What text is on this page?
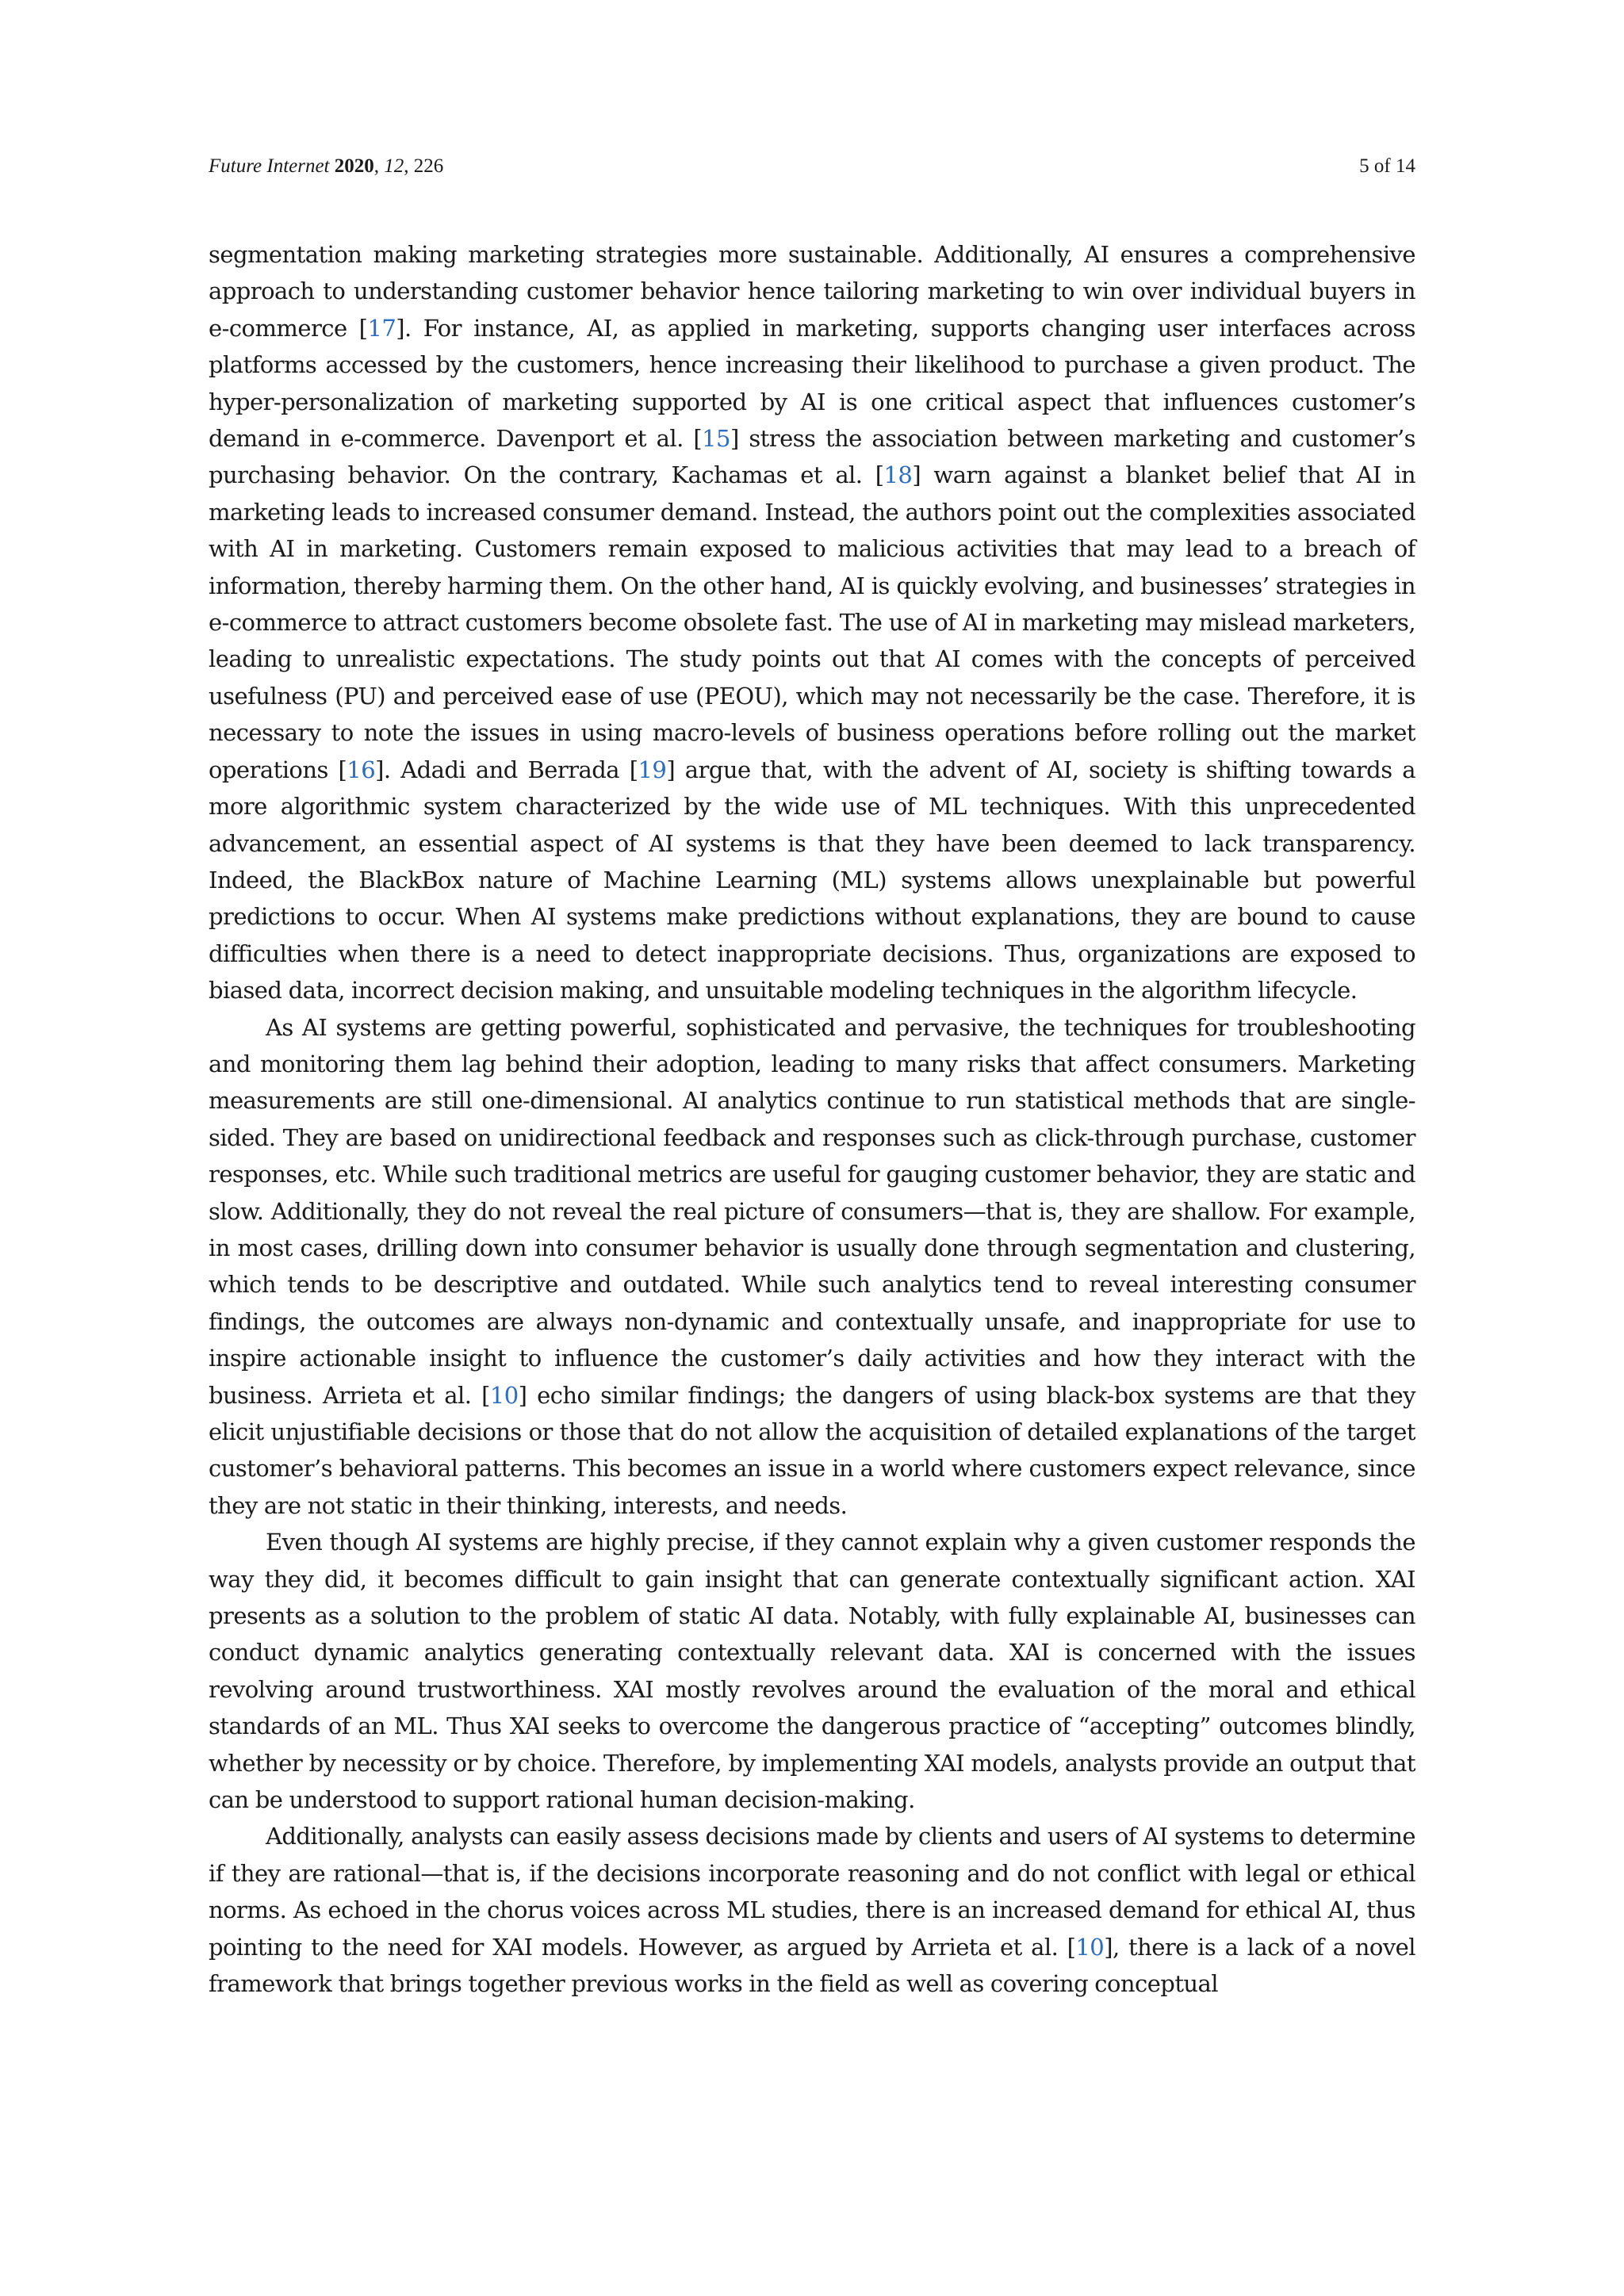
Future Internet 2020, 12, 226	5 of 14

segmentation making marketing strategies more sustainable. Additionally, AI ensures a comprehensive approach to understanding customer behavior hence tailoring marketing to win over individual buyers in e-commerce [17]. For instance, AI, as applied in marketing, supports changing user interfaces across platforms accessed by the customers, hence increasing their likelihood to purchase a given product. The hyper-personalization of marketing supported by AI is one critical aspect that influences customer’s demand in e-commerce. Davenport et al. [15] stress the association between marketing and customer’s purchasing behavior. On the contrary, Kachamas et al. [18] warn against a blanket belief that AI in marketing leads to increased consumer demand. Instead, the authors point out the complexities associated with AI in marketing. Customers remain exposed to malicious activities that may lead to a breach of information, thereby harming them. On the other hand, AI is quickly evolving, and businesses’ strategies in e-commerce to attract customers become obsolete fast. The use of AI in marketing may mislead marketers, leading to unrealistic expectations. The study points out that AI comes with the concepts of perceived usefulness (PU) and perceived ease of use (PEOU), which may not necessarily be the case. Therefore, it is necessary to note the issues in using macro-levels of business operations before rolling out the market operations [16]. Adadi and Berrada [19] argue that, with the advent of AI, society is shifting towards a more algorithmic system characterized by the wide use of ML techniques. With this unprecedented advancement, an essential aspect of AI systems is that they have been deemed to lack transparency. Indeed, the BlackBox nature of Machine Learning (ML) systems allows unexplainable but powerful predictions to occur. When AI systems make predictions without explanations, they are bound to cause difficulties when there is a need to detect inappropriate decisions. Thus, organizations are exposed to biased data, incorrect decision making, and unsuitable modeling techniques in the algorithm lifecycle.

As AI systems are getting powerful, sophisticated and pervasive, the techniques for troubleshooting and monitoring them lag behind their adoption, leading to many risks that affect consumers. Marketing measurements are still one-dimensional. AI analytics continue to run statistical methods that are single-sided. They are based on unidirectional feedback and responses such as click-through purchase, customer responses, etc. While such traditional metrics are useful for gauging customer behavior, they are static and slow. Additionally, they do not reveal the real picture of consumers—that is, they are shallow. For example, in most cases, drilling down into consumer behavior is usually done through segmentation and clustering, which tends to be descriptive and outdated. While such analytics tend to reveal interesting consumer findings, the outcomes are always non-dynamic and contextually unsafe, and inappropriate for use to inspire actionable insight to influence the customer’s daily activities and how they interact with the business. Arrieta et al. [10] echo similar findings; the dangers of using black-box systems are that they elicit unjustifiable decisions or those that do not allow the acquisition of detailed explanations of the target customer’s behavioral patterns. This becomes an issue in a world where customers expect relevance, since they are not static in their thinking, interests, and needs.

Even though AI systems are highly precise, if they cannot explain why a given customer responds the way they did, it becomes difficult to gain insight that can generate contextually significant action. XAI presents as a solution to the problem of static AI data. Notably, with fully explainable AI, businesses can conduct dynamic analytics generating contextually relevant data. XAI is concerned with the issues revolving around trustworthiness. XAI mostly revolves around the evaluation of the moral and ethical standards of an ML. Thus XAI seeks to overcome the dangerous practice of “accepting” outcomes blindly, whether by necessity or by choice. Therefore, by implementing XAI models, analysts provide an output that can be understood to support rational human decision-making.

Additionally, analysts can easily assess decisions made by clients and users of AI systems to determine if they are rational—that is, if the decisions incorporate reasoning and do not conflict with legal or ethical norms. As echoed in the chorus voices across ML studies, there is an increased demand for ethical AI, thus pointing to the need for XAI models. However, as argued by Arrieta et al. [10], there is a lack of a novel framework that brings together previous works in the field as well as covering conceptual
